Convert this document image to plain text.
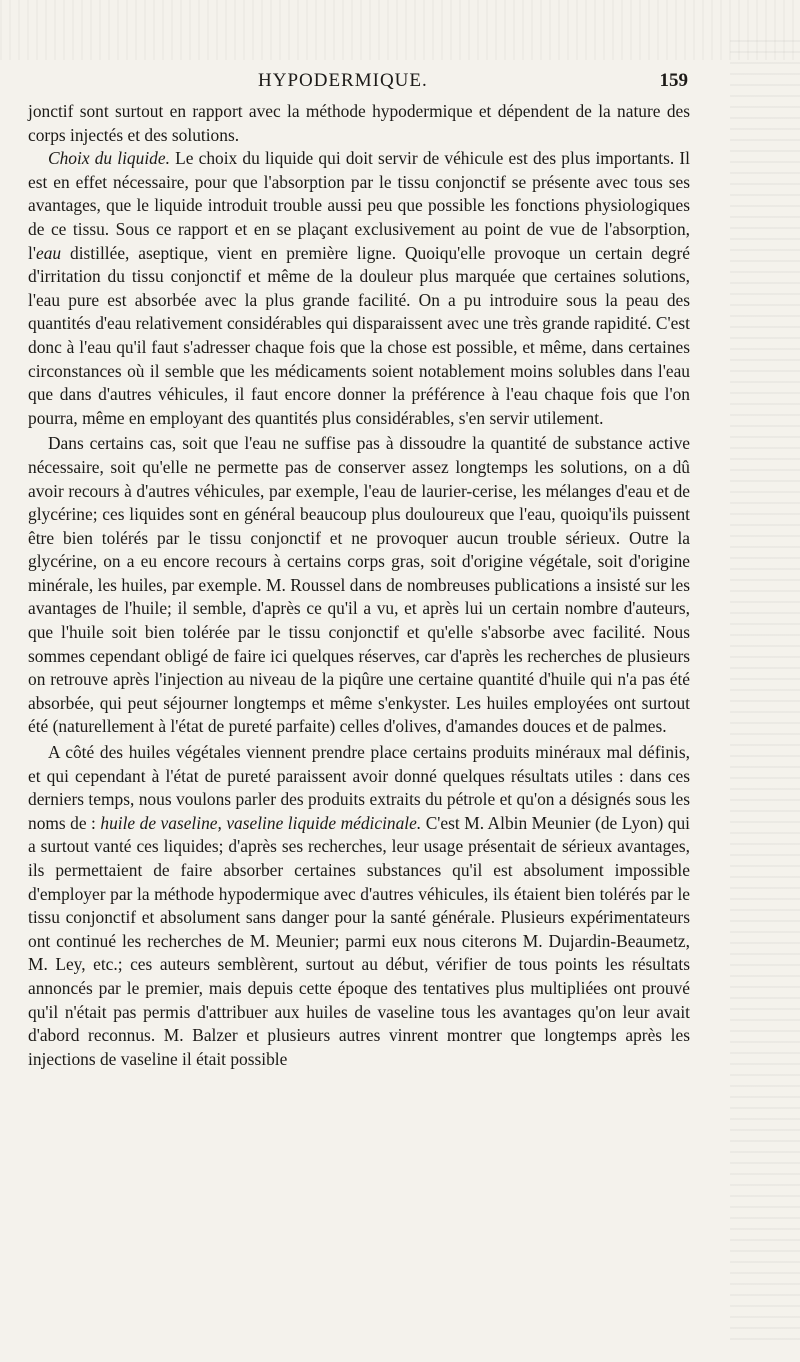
HYPODERMIQUE.	159

jonctif sont surtout en rapport avec la méthode hypodermique et dépendent de la nature des corps injectés et des solutions.

Choix du liquide. Le choix du liquide qui doit servir de véhicule est des plus importants. Il est en effet nécessaire, pour que l'absorption par le tissu conjonctif se présente avec tous ses avantages, que le liquide introduit trouble aussi peu que possible les fonctions physiologiques de ce tissu. Sous ce rapport et en se plaçant exclusivement au point de vue de l'absorption, l'eau distillée, aseptique, vient en première ligne. Quoiqu'elle provoque un certain degré d'irritation du tissu conjonctif et même de la douleur plus marquée que certaines solutions, l'eau pure est absorbée avec la plus grande facilité. On a pu introduire sous la peau des quantités d'eau relativement considérables qui disparaissent avec une très grande rapidité. C'est donc à l'eau qu'il faut s'adresser chaque fois que la chose est possible, et même, dans certaines circonstances où il semble que les médicaments soient notablement moins solubles dans l'eau que dans d'autres véhicules, il faut encore donner la préférence à l'eau chaque fois que l'on pourra, même en employant des quantités plus considérables, s'en servir utilement.

Dans certains cas, soit que l'eau ne suffise pas à dissoudre la quantité de substance active nécessaire, soit qu'elle ne permette pas de conserver assez longtemps les solutions, on a dû avoir recours à d'autres véhicules, par exemple, l'eau de laurier-cerise, les mélanges d'eau et de glycérine; ces liquides sont en général beaucoup plus douloureux que l'eau, quoiqu'ils puissent être bien tolérés par le tissu conjonctif et ne provoquer aucun trouble sérieux. Outre la glycérine, on a eu encore recours à certains corps gras, soit d'origine végétale, soit d'origine minérale, les huiles, par exemple. M. Roussel dans de nombreuses publications a insisté sur les avantages de l'huile; il semble, d'après ce qu'il a vu, et après lui un certain nombre d'auteurs, que l'huile soit bien tolérée par le tissu conjonctif et qu'elle s'absorbe avec facilité. Nous sommes cependant obligé de faire ici quelques réserves, car d'après les recherches de plusieurs on retrouve après l'injection au niveau de la piqûre une certaine quantité d'huile qui n'a pas été absorbée, qui peut séjourner longtemps et même s'enkyster. Les huiles employées ont surtout été (naturellement à l'état de pureté parfaite) celles d'olives, d'amandes douces et de palmes.

A côté des huiles végétales viennent prendre place certains produits minéraux mal définis, et qui cependant à l'état de pureté paraissent avoir donné quelques résultats utiles : dans ces derniers temps, nous voulons parler des produits extraits du pétrole et qu'on a désignés sous les noms de : huile de vaseline, vaseline liquide médicinale. C'est M. Albin Meunier (de Lyon) qui a surtout vanté ces liquides; d'après ses recherches, leur usage présentait de sérieux avantages, ils permettaient de faire absorber certaines substances qu'il est absolument impossible d'employer par la méthode hypodermique avec d'autres véhicules, ils étaient bien tolérés par le tissu conjonctif et absolument sans danger pour la santé générale. Plusieurs expérimentateurs ont continué les recherches de M. Meunier; parmi eux nous citerons M. Dujardin-Beaumetz, M. Ley, etc.; ces auteurs semblèrent, surtout au début, vérifier de tous points les résultats annoncés par le premier, mais depuis cette époque des tentatives plus multipliées ont prouvé qu'il n'était pas permis d'attribuer aux huiles de vaseline tous les avantages qu'on leur avait d'abord reconnus. M. Balzer et plusieurs autres vinrent montrer que longtemps après les injections de vaseline il était possible
